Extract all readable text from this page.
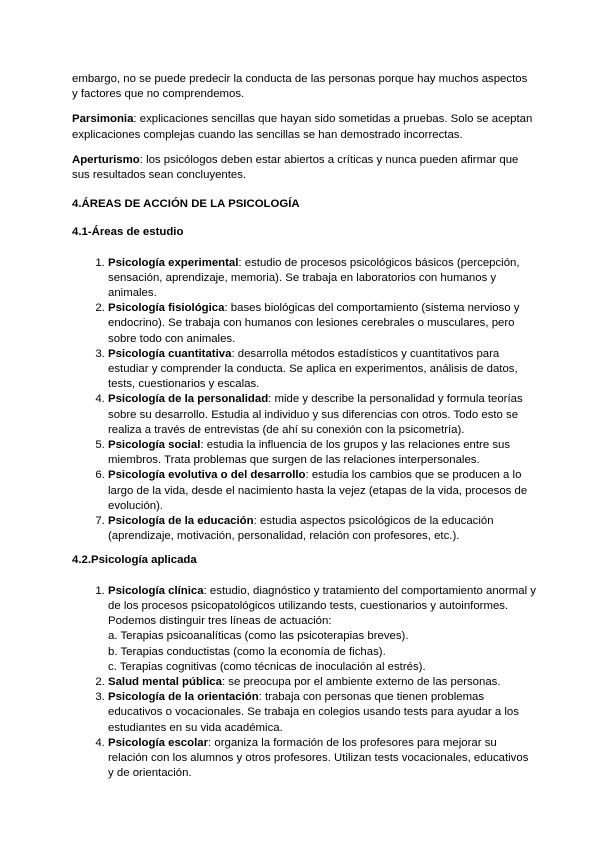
embargo, no se puede predecir la conducta de las personas porque hay muchos aspectos y factores que no comprendemos.

Parsimonia: explicaciones sencillas que hayan sido sometidas a pruebas. Solo se aceptan explicaciones complejas cuando las sencillas se han demostrado incorrectas.

Aperturismo: los psicólogos deben estar abiertos a críticas y nunca pueden afirmar que sus resultados sean concluyentes.

4.ÁREAS DE ACCIÓN DE LA PSICOLOGÍA

4.1-Áreas de estudio

1. Psicología experimental: estudio de procesos psicológicos básicos (percepción, sensación, aprendizaje, memoria). Se trabaja en laboratorios con humanos y animales.
2. Psicología fisiológica: bases biológicas del comportamiento (sistema nervioso y endocrino). Se trabaja con humanos con lesiones cerebrales o musculares, pero sobre todo con animales.
3. Psicología cuantitativa: desarrolla métodos estadísticos y cuantitativos para estudiar y comprender la conducta. Se aplica en experimentos, análisis de datos, tests, cuestionarios y escalas.
4. Psicología de la personalidad: mide y describe la personalidad y formula teorías sobre su desarrollo. Estudia al individuo y sus diferencias con otros. Todo esto se realiza a través de entrevistas (de ahí su conexión con la psicometría).
5. Psicología social: estudia la influencia de los grupos y las relaciones entre sus miembros. Trata problemas que surgen de las relaciones interpersonales.
6. Psicología evolutiva o del desarrollo: estudia los cambios que se producen a lo largo de la vida, desde el nacimiento hasta la vejez (etapas de la vida, procesos de evolución).
7. Psicología de la educación: estudia aspectos psicológicos de la educación (aprendizaje, motivación, personalidad, relación con profesores, etc.).

4.2.Psicología aplicada

1. Psicología clínica: estudio, diagnóstico y tratamiento del comportamiento anormal y de los procesos psicopatológicos utilizando tests, cuestionarios y autoinformes. Podemos distinguir tres líneas de actuación:
a. Terapias psicoanalíticas (como las psicoterapias breves).
b. Terapias conductistas (como la economía de fichas).
c. Terapias cognitivas (como técnicas de inoculación al estrés).
2. Salud mental pública: se preocupa por el ambiente externo de las personas.
3. Psicología de la orientación: trabaja con personas que tienen problemas educativos o vocacionales. Se trabaja en colegios usando tests para ayudar a los estudiantes en su vida académica.
4. Psicología escolar: organiza la formación de los profesores para mejorar su relación con los alumnos y otros profesores. Utilizan tests vocacionales, educativos y de orientación.
